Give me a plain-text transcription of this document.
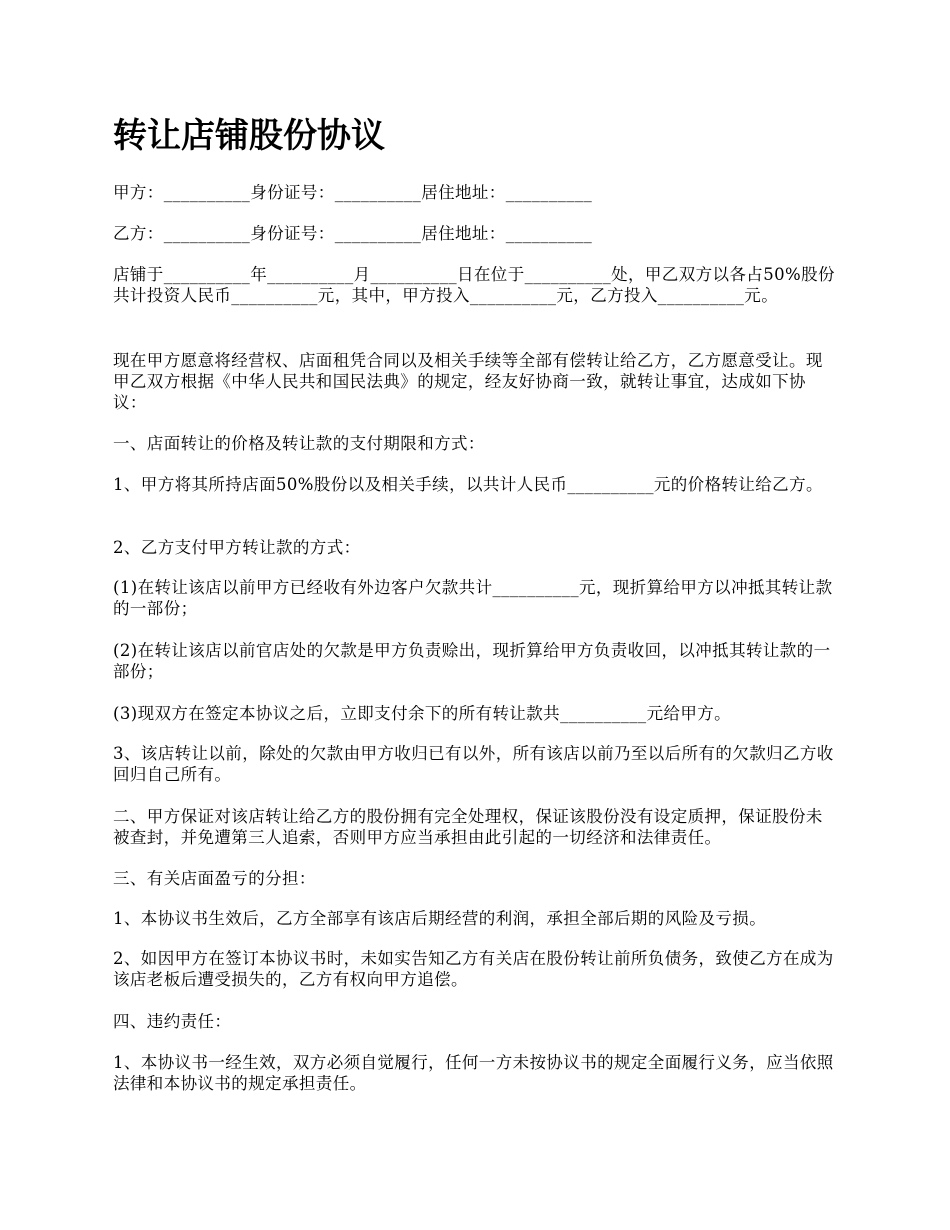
转让店铺股份协议

甲方：__________身份证号：__________居住地址：__________

乙方：__________身份证号：__________居住地址：__________

店铺于__________年__________月__________日在位于__________处，甲乙双方以各占50%股份共计投资人民币__________元，其中，甲方投入__________元，乙方投入__________元。

现在甲方愿意将经营权、店面租凭合同以及相关手续等全部有偿转让给乙方，乙方愿意受让。现甲乙双方根据《中华人民共和国民法典》的规定，经友好协商一致，就转让事宜，达成如下协议：

一、店面转让的价格及转让款的支付期限和方式：

1、甲方将其所持店面50%股份以及相关手续，以共计人民币__________元的价格转让给乙方。

2、乙方支付甲方转让款的方式：

(1)在转让该店以前甲方已经收有外边客户欠款共计__________元，现折算给甲方以冲抵其转让款的一部份；

(2)在转让该店以前官店处的欠款是甲方负责赊出，现折算给甲方负责收回，以冲抵其转让款的一部份；

(3)现双方在签定本协议之后，立即支付余下的所有转让款共__________元给甲方。

3、该店转让以前，除处的欠款由甲方收归已有以外，所有该店以前乃至以后所有的欠款归乙方收回归自己所有。

二、甲方保证对该店转让给乙方的股份拥有完全处理权，保证该股份没有设定质押，保证股份未被查封，并免遭第三人追索，否则甲方应当承担由此引起的一切经济和法律责任。

三、有关店面盈亏的分担：

1、本协议书生效后，乙方全部享有该店后期经营的利润，承担全部后期的风险及亏损。

2、如因甲方在签订本协议书时，未如实告知乙方有关店在股份转让前所负债务，致使乙方在成为该店老板后遭受损失的，乙方有权向甲方追偿。

四、违约责任：

1、本协议书一经生效，双方必须自觉履行，任何一方未按协议书的规定全面履行义务，应当依照法律和本协议书的规定承担责任。
